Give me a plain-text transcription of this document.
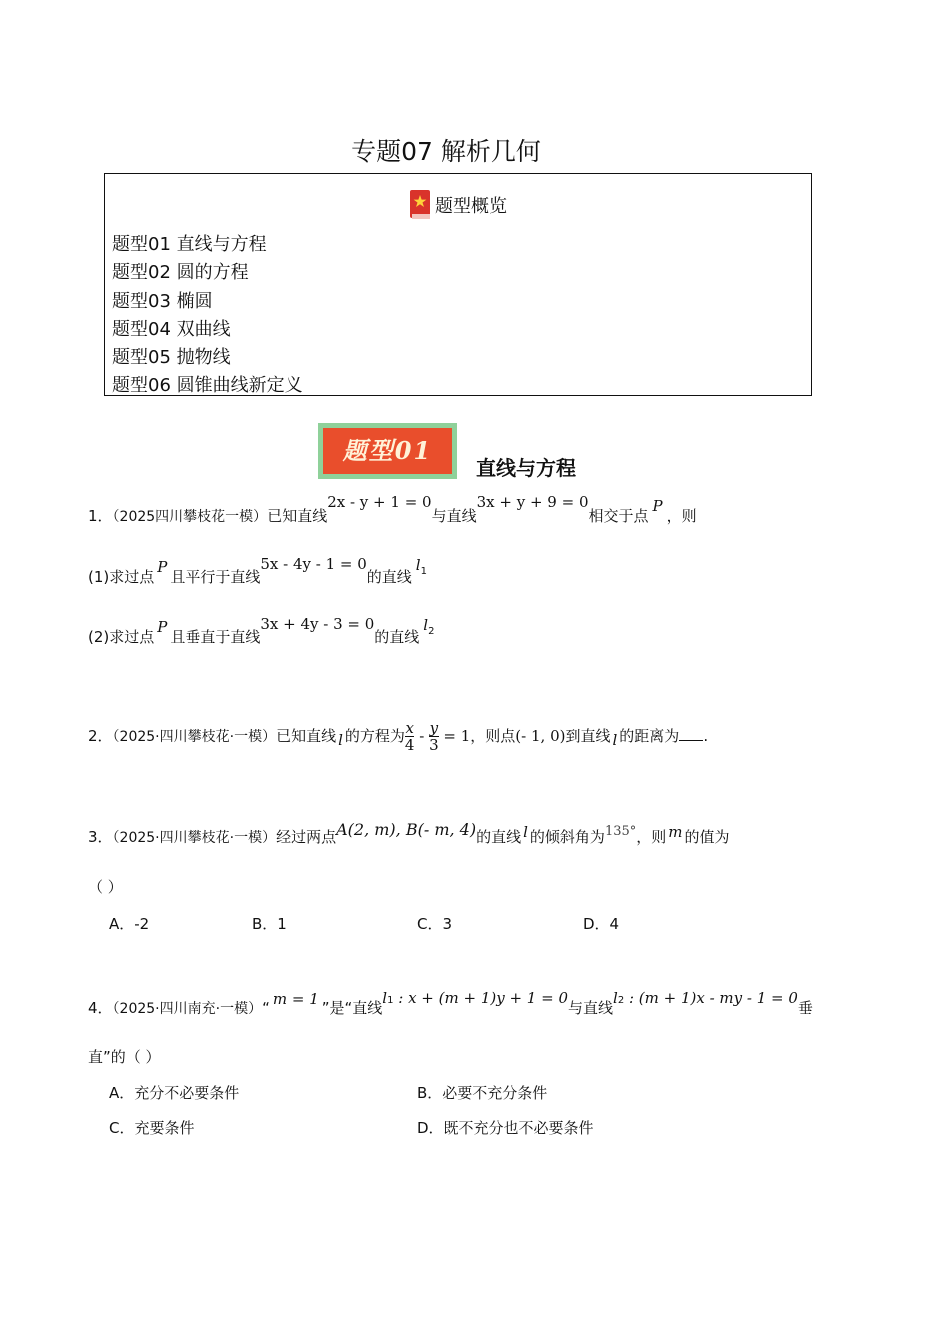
专题07 解析几何
题型概览
题型01 直线与方程
题型02 圆的方程
题型03 椭圆
题型04 双曲线
题型05 抛物线
题型06 圆锥曲线新定义
题型01
直线与方程
1．（2025四川攀枝花一模）已知直线2x - y + 1 = 0与直线3x + y + 9 = 0相交于点P，则
(1)求过点P且平行于直线5x - 4y - 1 = 0的直线$l^1$
(2)求过点P且垂直于直线3x + 4y - 3 = 0的直线$l^2$
2．（2025·四川攀枝花·一模）已知直线 l 的方程为 $\frac{x}{4} - \frac{y}{3} = 1$，则点(- 1, 0)到直线 l 的距离为 .
3．（2025·四川攀枝花·一模）经过两点A(2, m), B(- m, 4)的直线 l 的倾斜角为135°，则 m 的值为
（ ）
A．-2	B．1	C．3	D．4
4．（2025·四川南充·一模）“ m = 1 ”是“直线l1 : x + (m + 1)y + 1 = 0与直线l2 : (m + 1)x - my - 1 = 0垂
直”的（ ）
A．充分不必要条件	B．必要不充分条件
C．充要条件	D．既不充分也不必要条件
